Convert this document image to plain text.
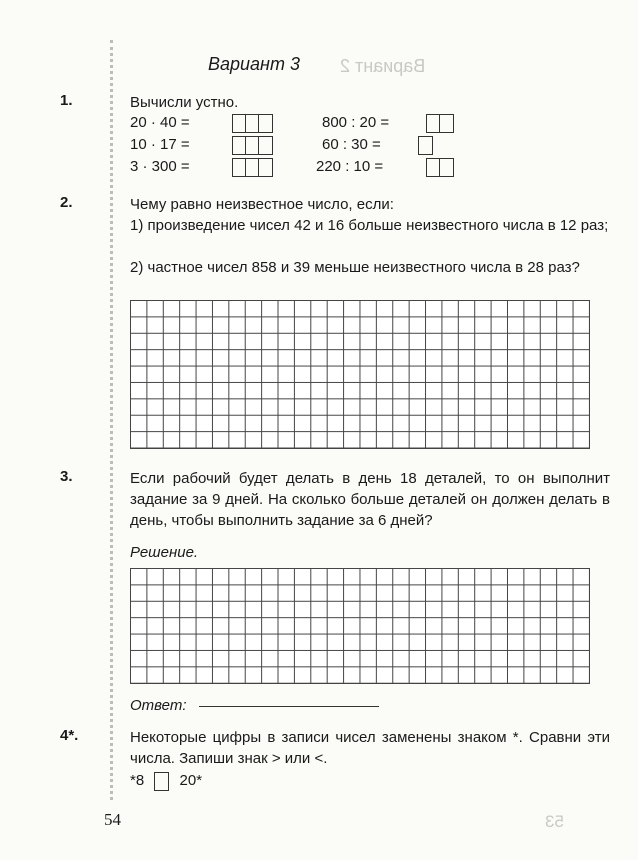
Вариант 2
53
Вариант 3
1.	Вычисли устно.
20 · 40 =	800 : 20 =
10 · 17 =	60 : 30 =
3 · 300 =	220 : 10 =
2.	Чему равно неизвестное число, если:
1) произведение чисел 42 и 16 больше неизвестного числа в 12 раз;
2) частное чисел 858 и 39 меньше неизвестного числа в 28 раз?
3.	Если рабочий будет делать в день 18 деталей, то он выполнит задание за 9 дней. На сколько больше деталей он должен делать в день, чтобы выполнить задание за 6 дней?
Решение.
Ответ:
4*.	Некоторые цифры в записи чисел заменены знаком *. Сравни эти числа. Запиши знак > или <.
*8 20*
54
